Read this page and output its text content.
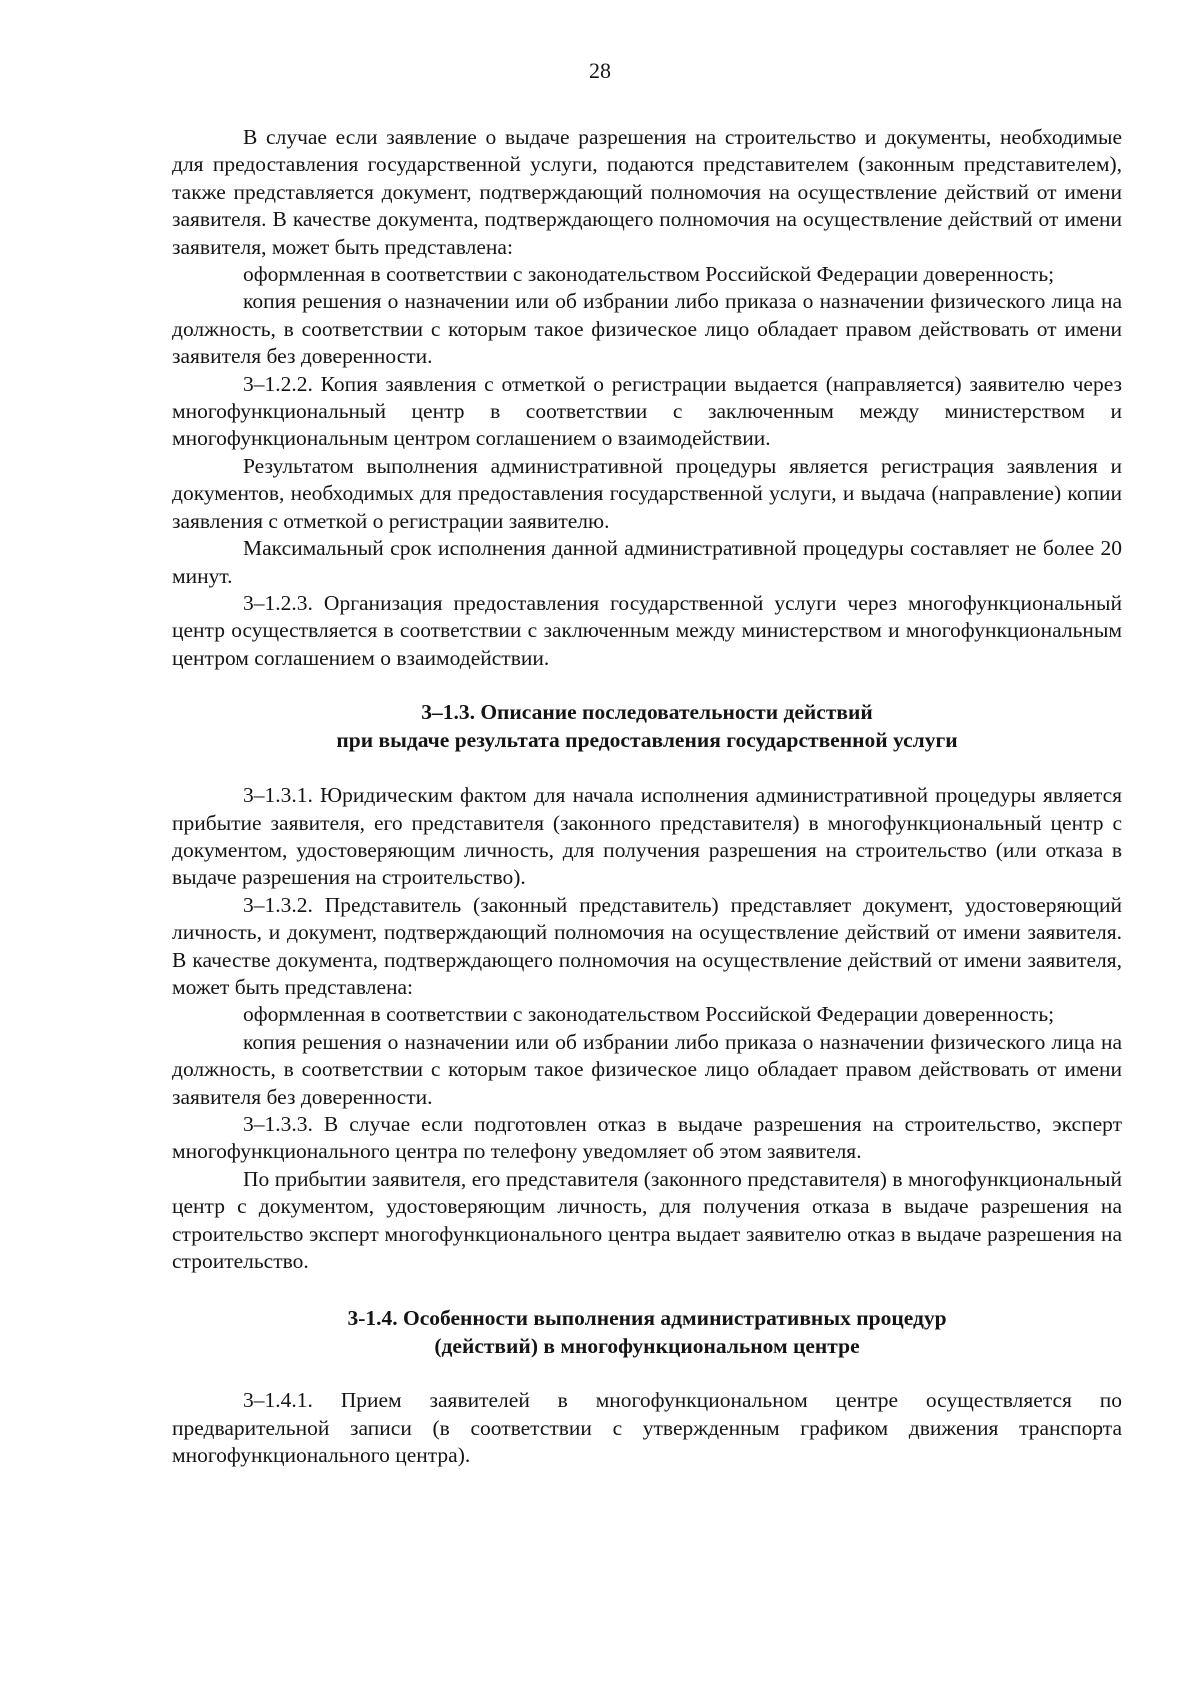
28

В случае если заявление о выдаче разрешения на строительство и документы, необходимые для предоставления государственной услуги, подаются представителем (законным представителем), также представляется документ, подтверждающий полномочия на осуществление действий от имени заявителя. В качестве документа, подтверждающего полномочия на осуществление действий от имени заявителя, может быть представлена:

оформленная в соответствии с законодательством Российской Федерации доверенность;

копия решения о назначении или об избрании либо приказа о назначении физического лица на должность, в соответствии с которым такое физическое лицо обладает правом действовать от имени заявителя без доверенности.

3–1.2.2. Копия заявления с отметкой о регистрации выдается (направляется) заявителю через многофункциональный центр в соответствии с заключенным между министерством и многофункциональным центром соглашением о взаимодействии.

Результатом выполнения административной процедуры является регистрация заявления и документов, необходимых для предоставления государственной услуги, и выдача (направление) копии заявления с отметкой о регистрации заявителю.

Максимальный срок исполнения данной административной процедуры составляет не более 20 минут.

3–1.2.3. Организация предоставления государственной услуги через многофункциональный центр осуществляется в соответствии с заключенным между министерством и многофункциональным центром соглашением о взаимодействии.

3–1.3. Описание последовательности действий
при выдаче результата предоставления государственной услуги

3–1.3.1. Юридическим фактом для начала исполнения административной процедуры является прибытие заявителя, его представителя (законного представителя) в многофункциональный центр с документом, удостоверяющим личность, для получения разрешения на строительство (или отказа в выдаче разрешения на строительство).

3–1.3.2. Представитель (законный представитель) представляет документ, удостоверяющий личность, и документ, подтверждающий полномочия на осуществление действий от имени заявителя. В качестве документа, подтверждающего полномочия на осуществление действий от имени заявителя, может быть представлена:

оформленная в соответствии с законодательством Российской Федерации доверенность;

копия решения о назначении или об избрании либо приказа о назначении физического лица на должность, в соответствии с которым такое физическое лицо обладает правом действовать от имени заявителя без доверенности.

3–1.3.3. В случае если подготовлен отказ в выдаче разрешения на строительство, эксперт многофункционального центра по телефону уведомляет об этом заявителя.

По прибытии заявителя, его представителя (законного представителя) в многофункциональный центр с документом, удостоверяющим личность, для получения отказа в выдаче разрешения на строительство эксперт многофункционального центра выдает заявителю отказ в выдаче разрешения на строительство.

3-1.4. Особенности выполнения административных процедур
(действий) в многофункциональном центре

3–1.4.1. Прием заявителей в многофункциональном центре осуществляется по предварительной записи (в соответствии с утвержденным графиком движения транспорта многофункционального центра).
